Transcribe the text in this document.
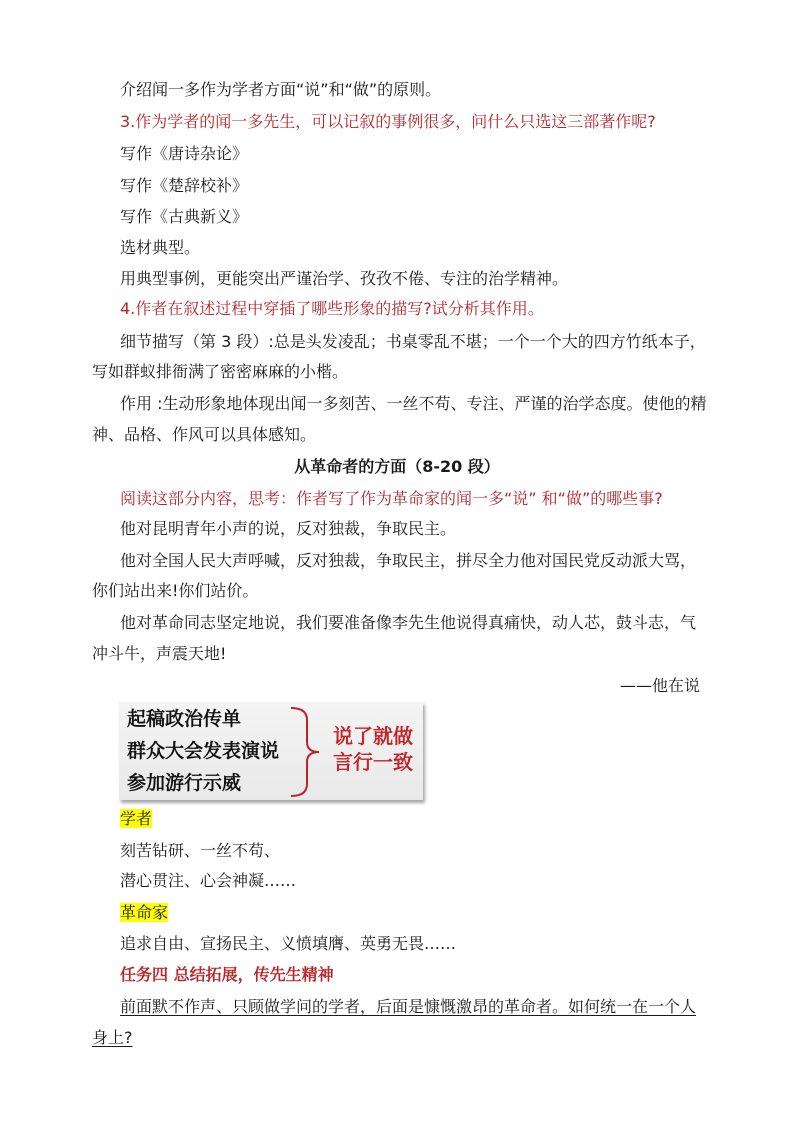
介绍闻一多作为学者方面“说”和“做”的原则。
3.作为学者的闻一多先生，可以记叙的事例很多，问什么只选这三部著作呢?
写作《唐诗杂论》
写作《楚辞校补》
写作《古典新义》
选材典型。
用典型事例，更能突出严谨治学、孜孜不倦、专注的治学精神。
4.作者在叙述过程中穿插了哪些形象的描写?试分析其作用。
细节描写（第 3 段）:总是头发凌乱；书桌零乱不堪；一个一个大的四方竹纸本子，
写如群蚁排衙满了密密麻麻的小楷。
作用 :生动形象地体现出闻一多刻苦、一丝不苟、专注、严谨的治学态度。使他的精
神、品格、作风可以具体感知。
从革命者的方面（8-20 段）
阅读这部分内容，思考：作者写了作为革命家的闻一多“说” 和“做”的哪些事?
他对昆明青年小声的说，反对独裁，争取民主。
他对全国人民大声呼喊，反对独裁，争取民主，拼尽全力他对国民党反动派大骂，
你们站出来!你们站价。
他对革命同志坚定地说，我们要准备像李先生他说得真痛快，动人芯，鼓斗志，气
冲斗牛，声震天地!
——他在说
起稿政治传单
群众大会发表演说
参加游行示威
说了就做
言行一致
学者
刻苦钻研、一丝不苟、
潜心贯注、心会神凝……
革命家
追求自由、宣扬民主、义愤填膺、英勇无畏……
任务四 总结拓展，传先生精神
前面默不作声、只顾做学问的学者，后面是慷慨激昂的革命者。如何统一在一个人
身上?
